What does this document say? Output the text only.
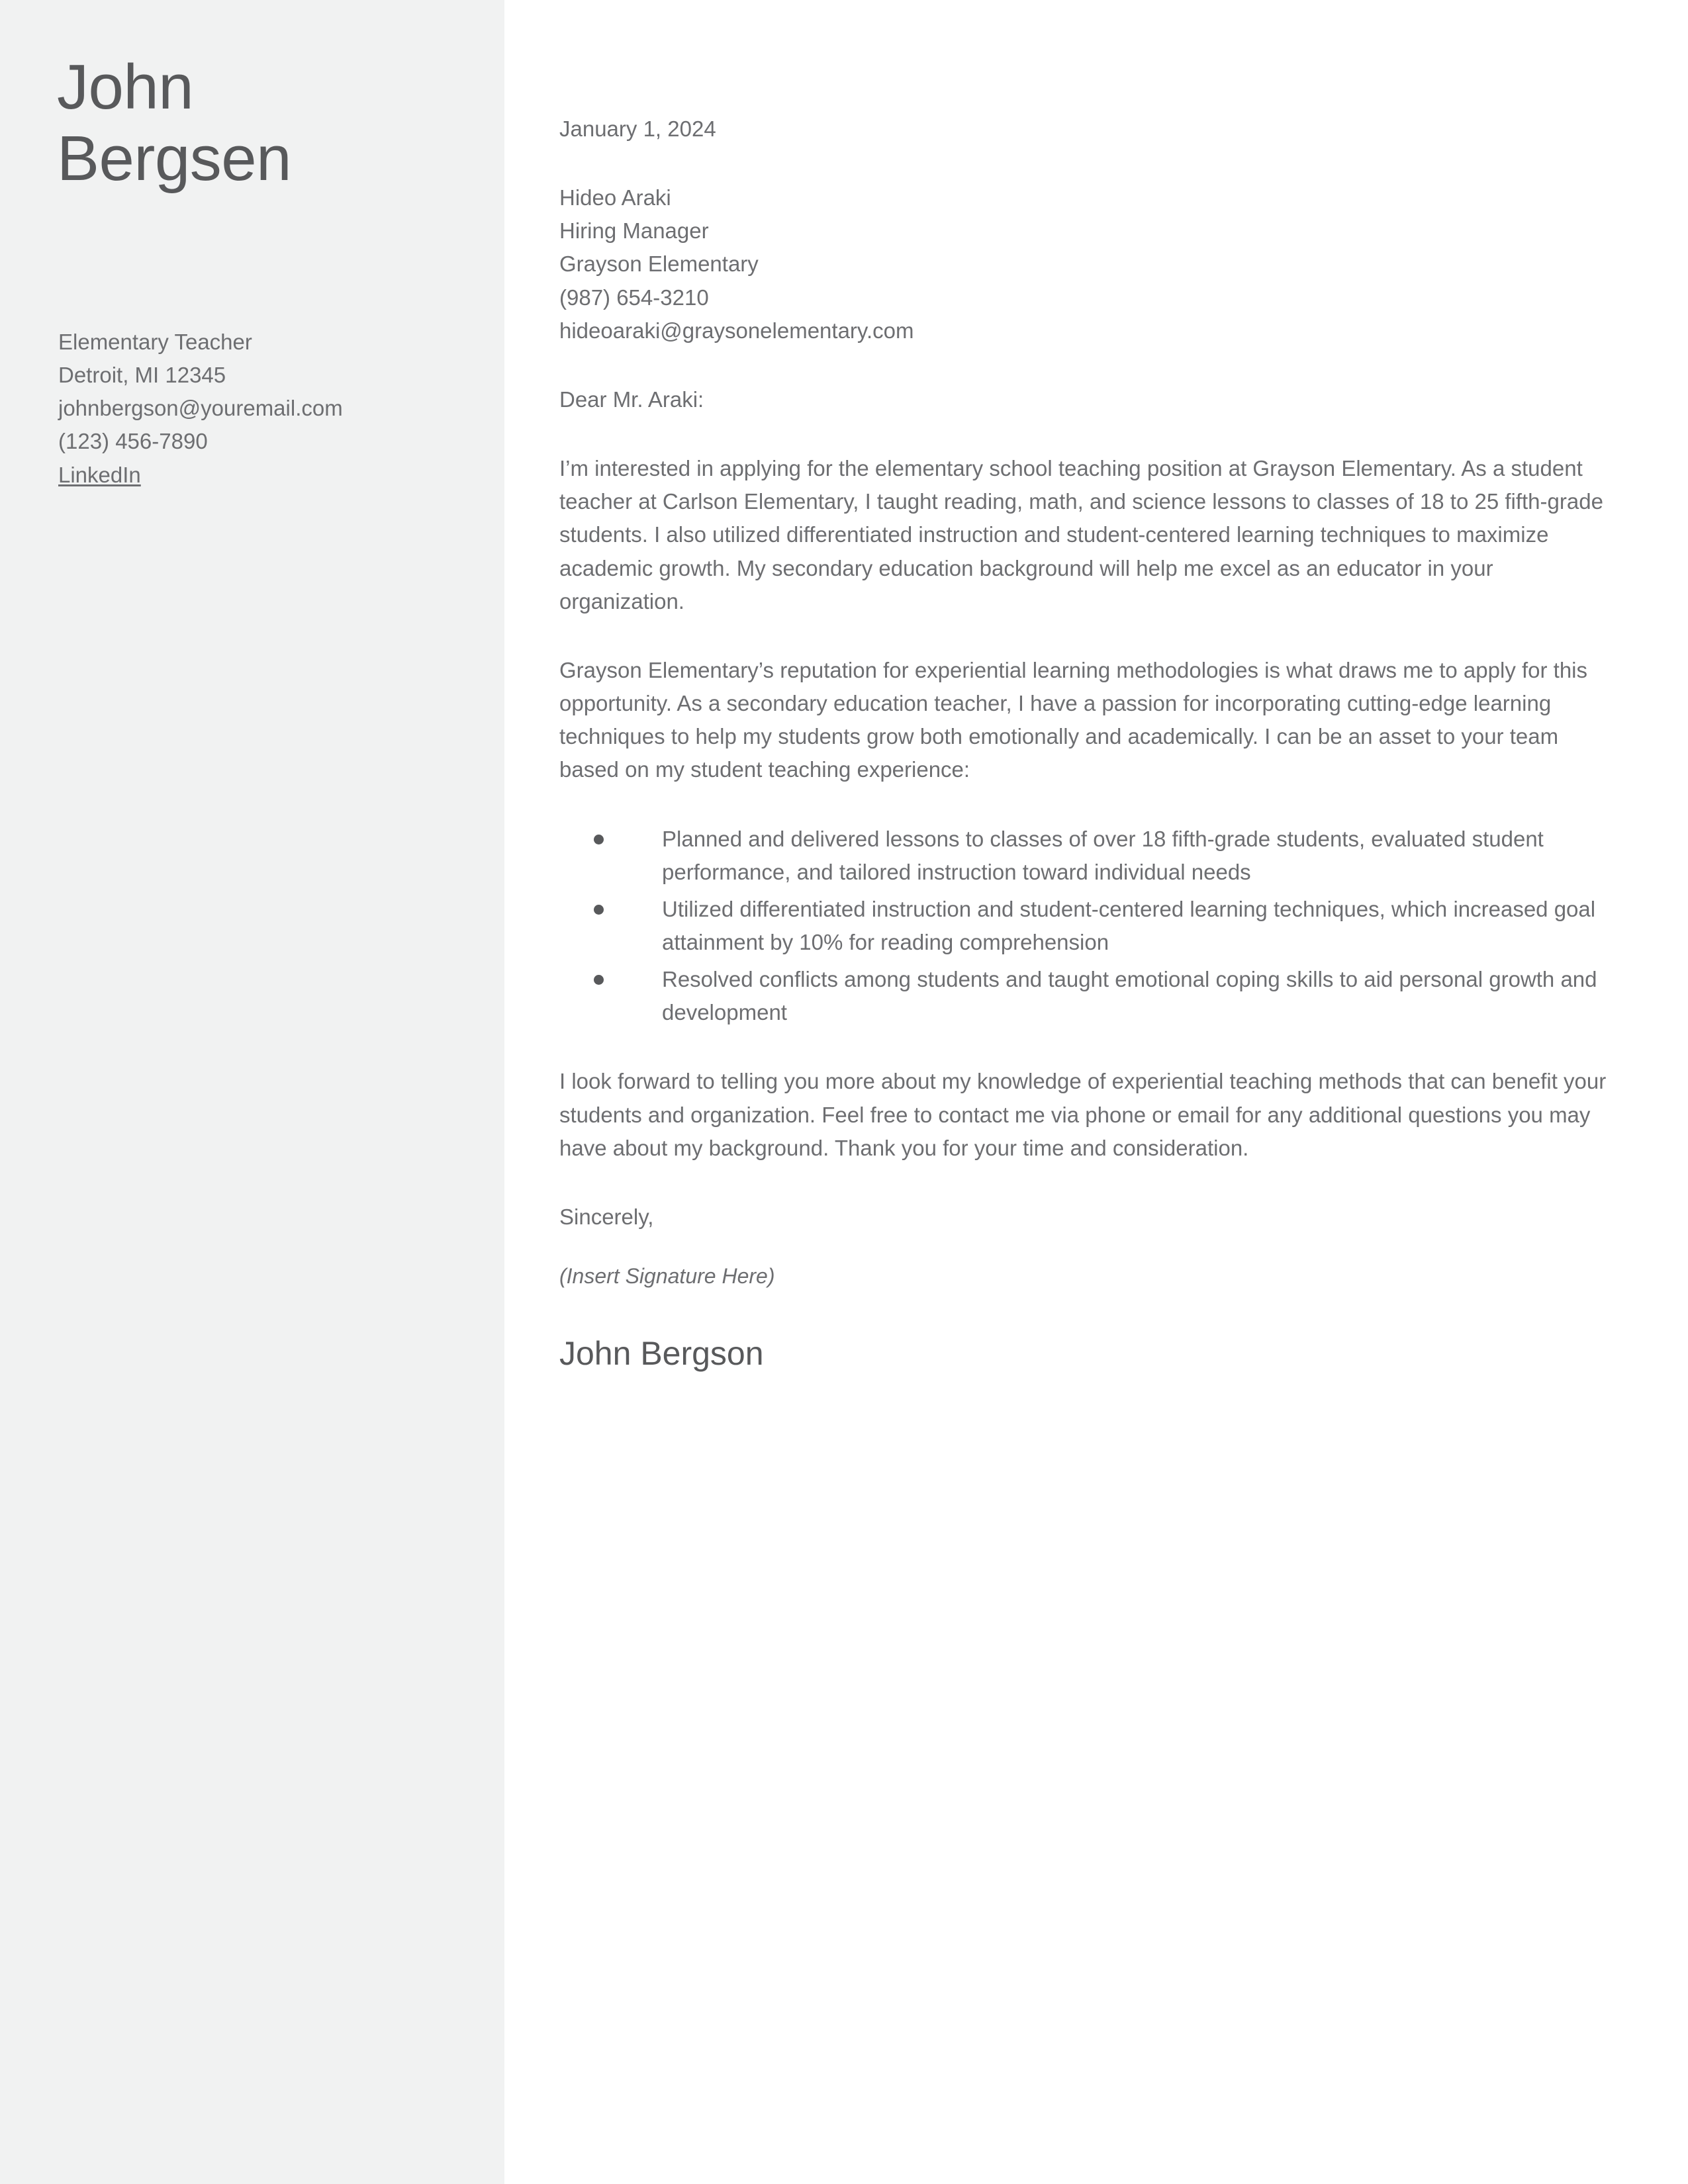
John
Bergsen
Elementary Teacher
Detroit, MI 12345
johnbergson@youremail.com
(123) 456-7890
LinkedIn
January 1, 2024
Hideo Araki
Hiring Manager
Grayson Elementary
(987) 654-3210
hideoaraki@graysonelementary.com
Dear Mr. Araki:
I’m interested in applying for the elementary school teaching position at Grayson Elementary. As a student teacher at Carlson Elementary, I taught reading, math, and science lessons to classes of 18 to 25 fifth-grade students. I also utilized differentiated instruction and student-centered learning techniques to maximize academic growth. My secondary education background will help me excel as an educator in your organization.
Grayson Elementary’s reputation for experiential learning methodologies is what draws me to apply for this opportunity. As a secondary education teacher, I have a passion for incorporating cutting-edge learning techniques to help my students grow both emotionally and academically. I can be an asset to your team based on my student teaching experience:
Planned and delivered lessons to classes of over 18 fifth-grade students, evaluated student performance, and tailored instruction toward individual needs
Utilized differentiated instruction and student-centered learning techniques, which increased goal attainment by 10% for reading comprehension
Resolved conflicts among students and taught emotional coping skills to aid personal growth and development
I look forward to telling you more about my knowledge of experiential teaching methods that can benefit your students and organization. Feel free to contact me via phone or email for any additional questions you may have about my background. Thank you for your time and consideration.
Sincerely,
(Insert Signature Here)
John Bergson
